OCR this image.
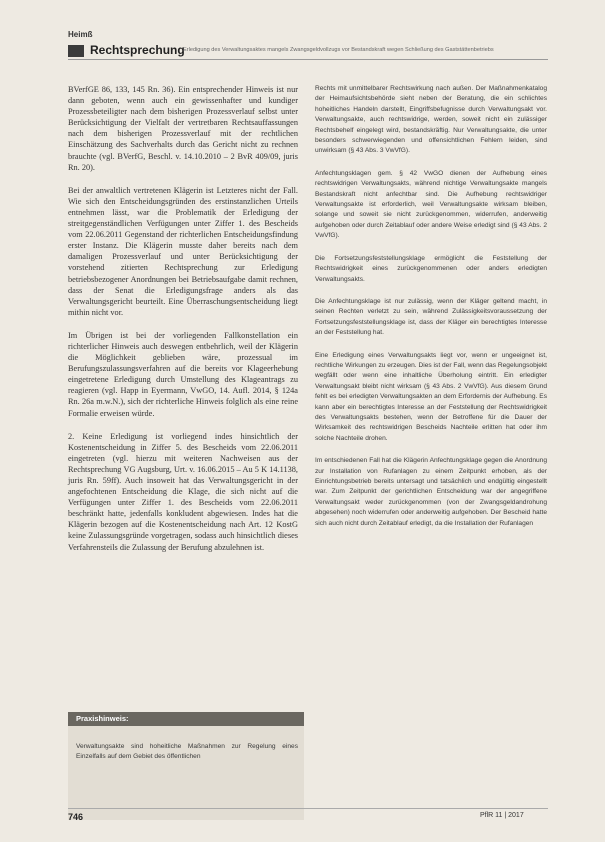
Heimß
Rechtsprechung
Erledigung des Verwaltungsaktes mangels Zwangsgeldvollzugs vor Bestandskraft wegen Schließung des Gaststättenbetriebs

BVerfGE 86, 133, 145 Rn. 36). Ein entsprechender Hinweis ist nur dann geboten, wenn auch ein gewissenhafter und kundiger Prozessbeteiligter nach dem bisherigen Prozessverlauf selbst unter Berücksichtigung der Vielfalt der vertretbaren Rechtsauffassungen nach dem bisherigen Prozessverlauf mit der rechtlichen Einschätzung des Sachverhalts durch das Gericht nicht zu rechnen brauchte (vgl. BVerfG, Beschl. v. 14.10.2010 – 2 BvR 409/09, juris Rn. 20).

Bei der anwaltlich vertretenen Klägerin ist Letzteres nicht der Fall. Wie sich den Entscheidungsgründen des erstinstanzlichen Urteils entnehmen lässt, war die Problematik der Erledigung der streitgegenständlichen Verfügungen unter Ziffer 1. des Bescheids vom 22.06.2011 Gegenstand der richterlichen Entscheidungsfindung erster Instanz. Die Klägerin musste daher bereits nach dem damaligen Prozessverlauf und unter Berücksichtigung der vorstehend zitierten Rechtsprechung zur Erledigung betriebsbezogener Anordnungen bei Betriebsaufgabe damit rechnen, dass der Senat die Erledigungsfrage anders als das Verwaltungsgericht beurteilt. Eine Überraschungsentscheidung liegt mithin nicht vor.

Im Übrigen ist bei der vorliegenden Fallkonstellation ein richterlicher Hinweis auch deswegen entbehrlich, weil der Klägerin die Möglichkeit geblieben wäre, prozessual im Berufungszulassungsverfahren auf die bereits vor Klageerhebung eingetretene Erledigung durch Umstellung des Klageantrags zu reagieren (vgl. Happ in Eyermann, VwGO, 14. Aufl. 2014, § 124a Rn. 26a m.w.N.), sich der richterliche Hinweis folglich als eine reine Formalie erweisen würde.

2. Keine Erledigung ist vorliegend indes hinsichtlich der Kostenentscheidung in Ziffer 5. des Bescheids vom 22.06.2011 eingetreten (vgl. hierzu mit weiteren Nachweisen aus der Rechtsprechung VG Augsburg, Urt. v. 16.06.2015 – Au 5 K 14.1138, juris Rn. 59ff). Auch insoweit hat das Verwaltungsgericht in der angefochtenen Entscheidung die Klage, die sich nicht auf die Verfügungen unter Ziffer 1. des Bescheids vom 22.06.2011 beschränkt hatte, jedenfalls konkludent abgewiesen. Indes hat die Klägerin bezogen auf die Kostenentscheidung nach Art. 12 KostG keine Zulassungsgründe vorgetragen, sodass auch hinsichtlich dieses Verfahrensteils die Zulassung der Berufung abzulehnen ist.

Rechts mit unmittelbarer Rechtswirkung nach außen. Der Maßnahmenkatalog der Heimaufsichtsbehörde sieht neben der Beratung, die ein schlichtes hoheitliches Handeln darstellt, Eingriffsbefugnisse durch Verwaltungsakt vor. Verwaltungsakte, auch rechtswidrige, werden, soweit nicht ein zulässiger Rechtsbehelf eingelegt wird, bestandskräftig. Nur Verwaltungsakte, die unter besonders schwerwiegenden und offensichtlichen Fehlern leiden, sind unwirksam (§ 43 Abs. 3 VwVfG).

Anfechtungsklagen gem. § 42 VwGO dienen der Aufhebung eines rechtswidrigen Verwaltungsakts, während nichtige Verwaltungsakte mangels Bestandskraft nicht anfechtbar sind. Die Aufhebung rechtswidriger Verwaltungsakte ist erforderlich, weil Verwaltungsakte wirksam bleiben, solange und soweit sie nicht zurückgenommen, widerrufen, anderweitig aufgehoben oder durch Zeitablauf oder andere Weise erledigt sind (§ 43 Abs. 2 VwVfG).

Die Fortsetzungsfeststellungsklage ermöglicht die Feststellung der Rechtswidrigkeit eines zurückgenommenen oder anders erledigten Verwaltungsakts.

Die Anfechtungsklage ist nur zulässig, wenn der Kläger geltend macht, in seinen Rechten verletzt zu sein, während Zulässigkeitsvoraussetzung der Fortsetzungsfeststellungsklage ist, dass der Kläger ein berechtigtes Interesse an der Feststellung hat.

Eine Erledigung eines Verwaltungsakts liegt vor, wenn er ungeeignet ist, rechtliche Wirkungen zu erzeugen. Dies ist der Fall, wenn das Regelungsobjekt wegfällt oder wenn eine inhaltliche Überholung eintritt. Ein erledigter Verwaltungsakt bleibt nicht wirksam (§ 43 Abs. 2 VwVfG). Aus diesem Grund fehlt es bei erledigten Verwaltungsakten an dem Erfordernis der Aufhebung. Es kann aber ein berechtigtes Interesse an der Feststellung der Rechtswidrigkeit des Verwaltungsakts bestehen, wenn der Betroffene für die Dauer der Wirksamkeit des rechtswidrigen Bescheids Nachteile erlitten hat oder ihm solche Nachteile drohen.

Im entschiedenen Fall hat die Klägerin Anfechtungsklage gegen die Anordnung zur Installation von Rufanlagen zu einem Zeitpunkt erhoben, als der Einrichtungsbetrieb bereits untersagt und tatsächlich und endgültig eingestellt war. Zum Zeitpunkt der gerichtlichen Entscheidung war der angegriffene Verwaltungsakt weder zurückgenommen (von der Zwangsgeldandrohung abgesehen) noch widerrufen oder anderweitig aufgehoben. Der Bescheid hatte sich auch nicht durch Zeitablauf erledigt, da die Installation der Rufanlagen

Praxishinweis:
Verwaltungsakte sind hoheitliche Maßnahmen zur Regelung eines Einzelfalls auf dem Gebiet des öffentlichen
746	PflR 11 | 2017
